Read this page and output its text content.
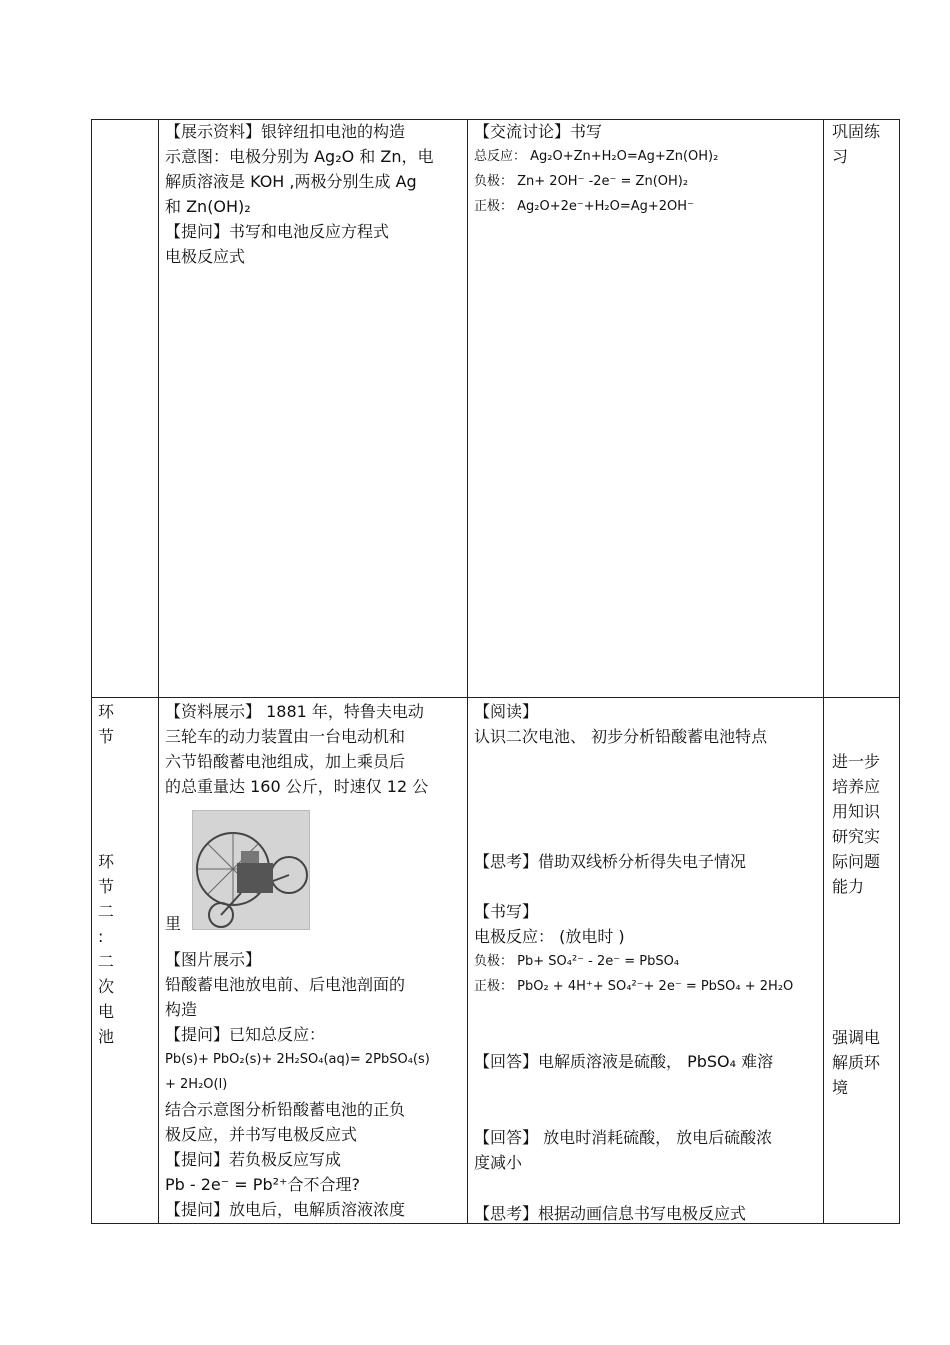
【展示资料】银锌纽扣电池的构造
示意图：电极分别为 Ag₂O 和 Zn，电
解质溶液是 KOH ,两极分别生成 Ag
和 Zn(OH)₂
【提问】书写和电池反应方程式
电极反应式
【交流讨论】书写
总反应： Ag₂O+Zn+H₂O=Ag+Zn(OH)₂
负极： Zn+ 2OH⁻ -2e⁻ = Zn(OH)₂
正极： Ag₂O+2e⁻+H₂O=Ag+2OH⁻
巩固练
习
环
节
环
节
二
:
二
次
电
池
【资料展示】 1881 年，特鲁夫电动
三轮车的动力装置由一台电动机和
六节铅酸蓄电池组成，加上乘员后
的总重量达 160 公斤，时速仅 12 公
里
【图片展示】
铅酸蓄电池放电前、后电池剖面的
构造
【提问】已知总反应：
Pb(s)+ PbO₂(s)+ 2H₂SO₄(aq)= 2PbSO₄(s)
+ 2H₂O(l)
结合示意图分析铅酸蓄电池的正负
极反应，并书写电极反应式
【提问】若负极反应写成
Pb - 2e⁻ = Pb²⁺合不合理?
【提问】放电后，电解质溶液浓度
【阅读】
认识二次电池、 初步分析铅酸蓄电池特点
【思考】借助双线桥分析得失电子情况
【书写】
电极反应： (放电时 )
负极： Pb+ SO₄²⁻ - 2e⁻ = PbSO₄
正极： PbO₂ + 4H⁺+ SO₄²⁻+ 2e⁻ = PbSO₄ + 2H₂O
【回答】电解质溶液是硫酸， PbSO₄ 难溶
【回答】 放电时消耗硫酸， 放电后硫酸浓
度减小
【思考】根据动画信息书写电极反应式
进一步
培养应
用知识
研究实
际问题
能力
强调电
解质环
境
